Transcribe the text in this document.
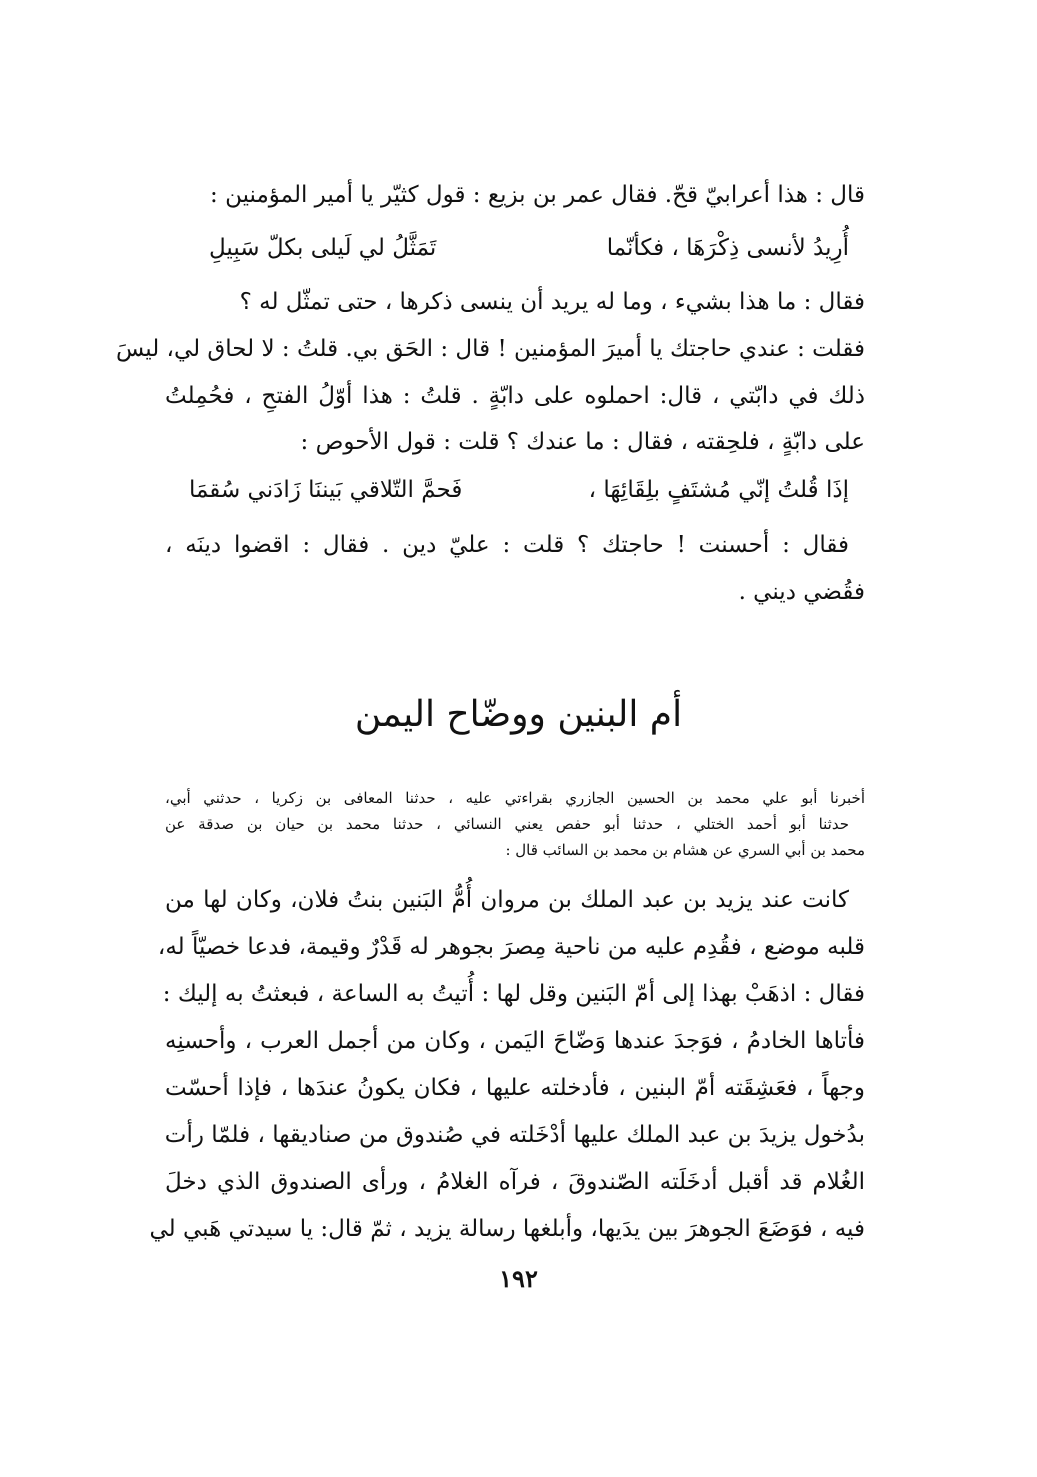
قال : هذا أعرابيّ قحّ. فقال عمر بن بزيع : قول كثيّر يا أمير المؤمنين :
أُرِيدُ لأنسى ذِكْرَهَا ، فكأنّما
تَمَثَّلُ لي لَيلى بكلّ سَبِيلِ
فقال : ما هذا بشيء ، وما له يريد أن ينسى ذكرها ، حتى تمثّل له ؟
فقلت : عندي حاجتك يا أميرَ المؤمنين ! قال : الحَق بي. قلتُ : لا لحاق لي، ليسَ
ذلك في دابّتي ، قال: احملوه على دابّةٍ . قلتُ : هذا أوّلُ الفتحِ ، فحُمِلتُ
على دابّةٍ ، فلحِقته ، فقال : ما عندك ؟ قلت : قول الأحوص :
إذَا قُلتُ إنّي مُشتَفٍ بلِقَائِهَا ،
فَحمَّ التّلاقي بَيننَا زَادَني سُقمَا
فقال : أحسنت ! حاجتك ؟ قلت : عليّ دين . فقال : اقضوا دينَه ،
فقُضي ديني .
أم البنين ووضّاح اليمن
أخبرنا أبو علي محمد بن الحسين الجازري بقراءتي عليه ، حدثنا المعافى بن زكريا ، حدثني أبي،
حدثنا أبو أحمد الختلي ، حدثنا أبو حفص يعني النسائي ، حدثنا محمد بن حيان بن صدقة عن
محمد بن أبي السري عن هشام بن محمد بن السائب قال :
كانت عند يزيد بن عبد الملك بن مروان أُمُّ البَنين بنتُ فلان، وكان لها من
قلبه موضع ، فقُدِم عليه من ناحية مِصرَ بجوهر له قَدْرٌ وقيمة، فدعا خصيّاً له،
فقال : اذهَبْ بهذا إلى أمّ البَنين وقل لها : أُتيتُ به الساعة ، فبعثتُ به إليك :
فأتاها الخادمُ ، فوَجدَ عندها وَضّاحَ اليَمن ، وكان من أجمل العرب ، وأحسنِه
وجهاً ، فعَشِقَته أمّ البنين ، فأدخلته عليها ، فكان يكونُ عندَها ، فإذا أحسّت
بدُخول يزيدَ بن عبد الملك عليها أدْخَلته في صُندوق من صناديقها ، فلمّا رأت
الغُلام قد أقبل أدخَلَته الصّندوقَ ، فرآه الغلامُ ، ورأى الصندوق الذي دخلَ
فيه ، فوَضَعَ الجوهرَ بين يدَيها، وأبلغها رسالة يزيد ، ثمّ قال: يا سيدتي هَبي لي
١٩٢
